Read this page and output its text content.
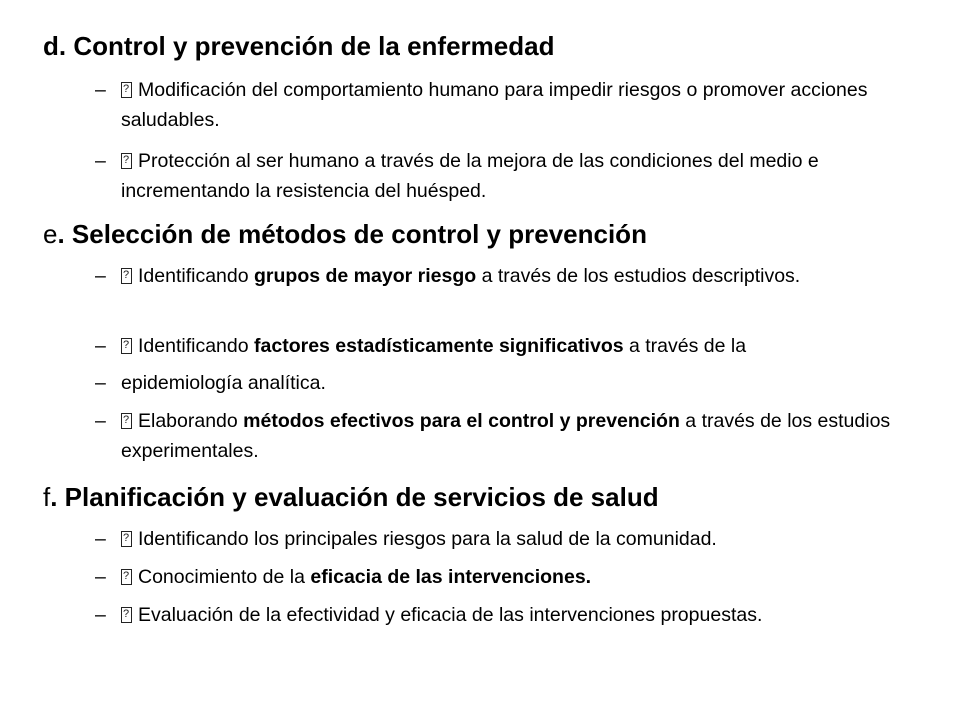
d. Control y prevención de la enfermedad
– ?	Modificación del comportamiento humano para impedir riesgos o promover acciones saludables.
– ?	Protección al ser humano a través de la mejora de las condiciones del medio e incrementando la resistencia del huésped.
e. Selección de métodos de control y prevención
– ?	Identificando grupos de mayor riesgo a través de los estudios descriptivos.
– ?	Identificando factores estadísticamente significativos a través de la
– epidemiología analítica.
– ?	Elaborando métodos efectivos para el control y prevención a través de los estudios experimentales.
f. Planificación y evaluación de servicios de salud
– ?	Identificando los principales riesgos para la salud de la comunidad.
– ?	Conocimiento de la eficacia de las intervenciones.
– ?	Evaluación de la efectividad y eficacia de las intervenciones propuestas.
